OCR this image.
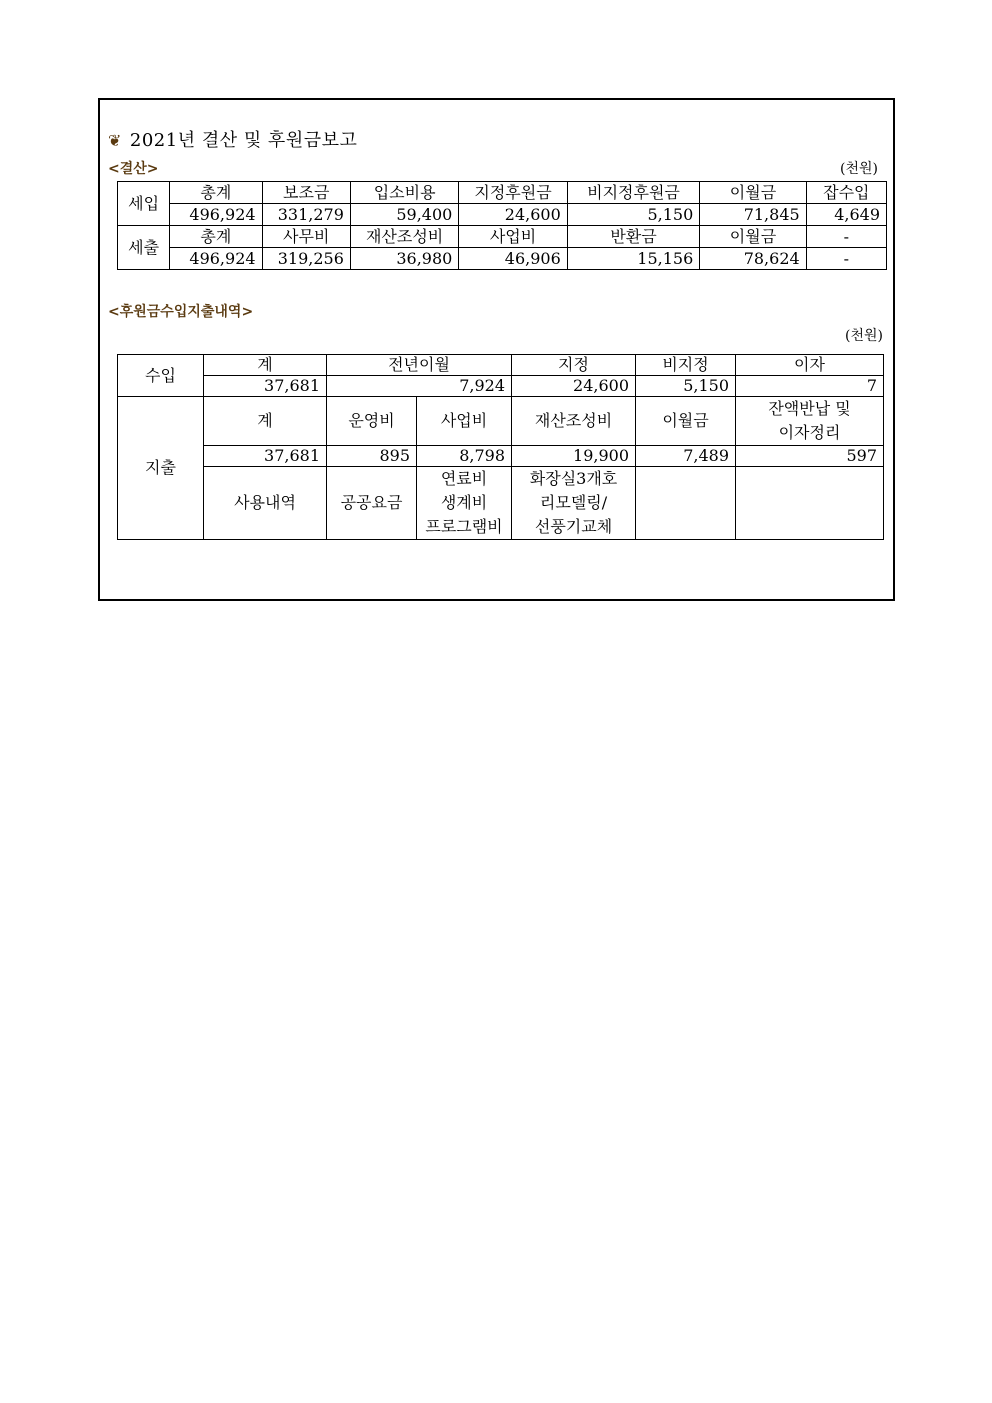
❦ 2021년 결산 및 후원금보고
<결산>	(천원)
세입	총계	보조금	입소비용	지정후원금	비지정후원금	이월금	잡수입
	496,924	331,279	59,400	24,600	5,150	71,845	4,649
세출	총계	사무비	재산조성비	사업비	반환금	이월금	-
	496,924	319,256	36,980	46,906	15,156	78,624	-
<후원금수입지출내역>
(천원)
수입	계	전년이월		지정	비지정	이자
	37,681	7,924		24,600	5,150	7
지출	계	운영비	사업비	재산조성비	이월금	잔액반납 및
이자정리
	37,681	895	8,798	19,900	7,489	597
	사용내역	공공요금	연료비
생계비
프로그램비	화장실3개호
리모델링/
선풍기교체		
